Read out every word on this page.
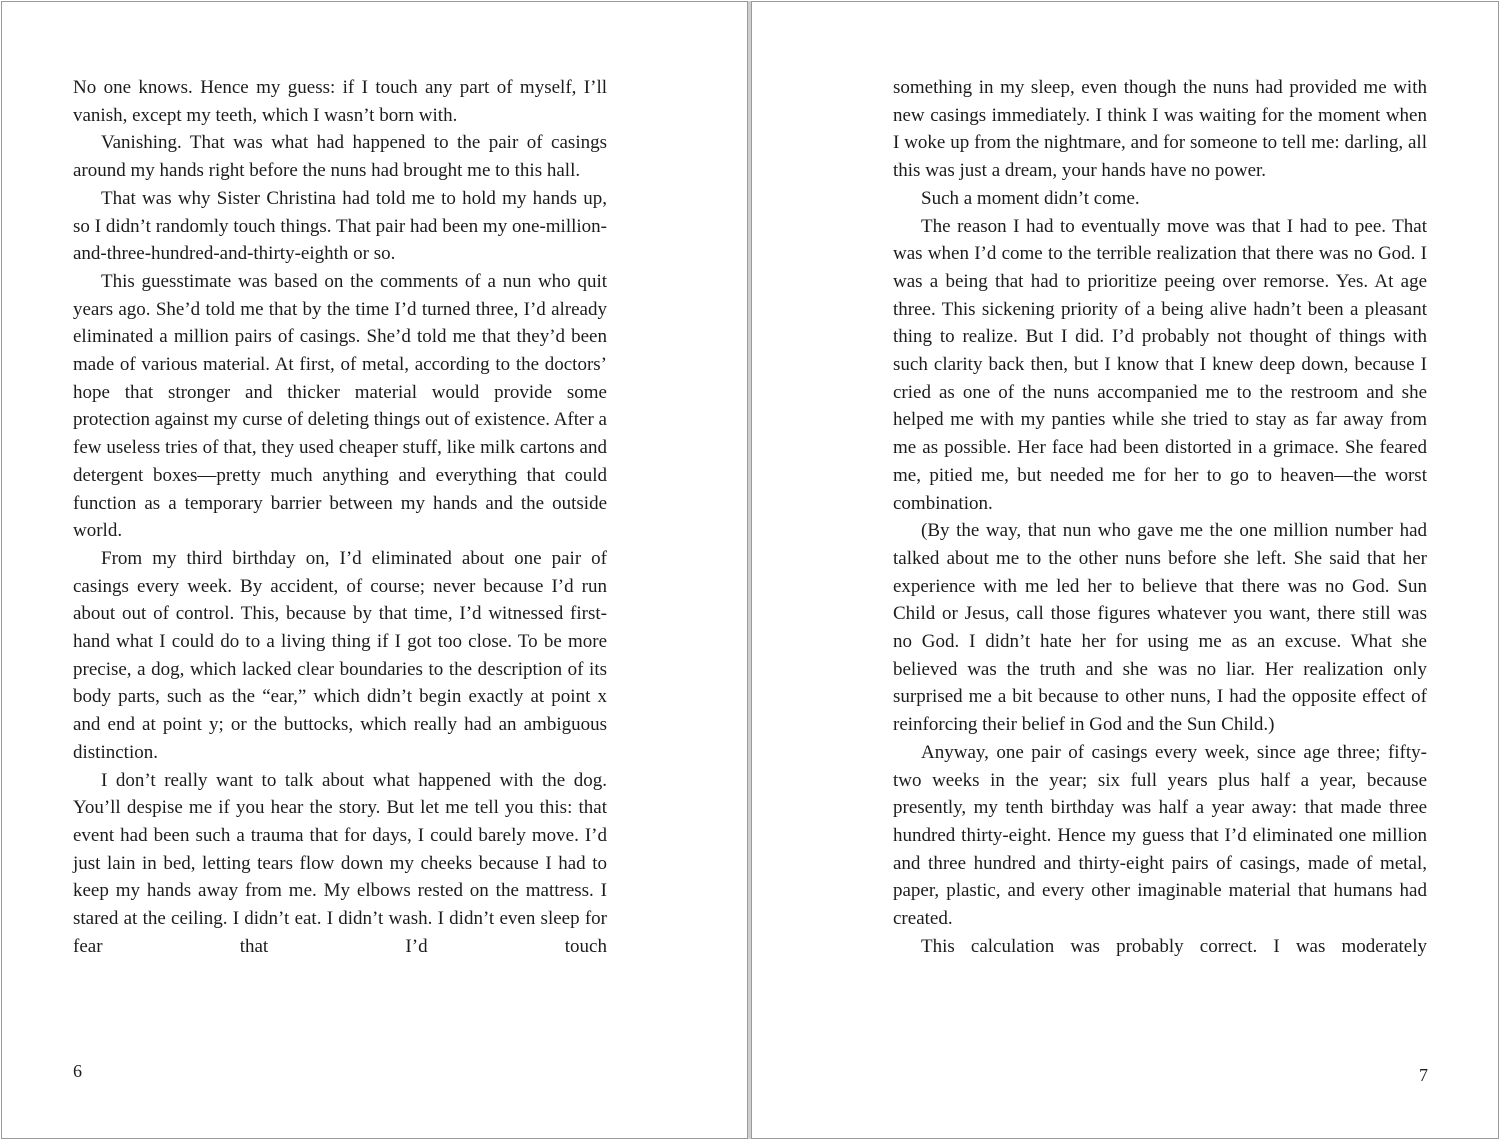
No one knows. Hence my guess: if I touch any part of myself, I’ll vanish, except my teeth, which I wasn’t born with.

Vanishing. That was what had happened to the pair of casings around my hands right before the nuns had brought me to this hall.

That was why Sister Christina had told me to hold my hands up, so I didn’t randomly touch things. That pair had been my one-million-and-three-hundred-and-thirty-eighth or so.

This guesstimate was based on the comments of a nun who quit years ago. She’d told me that by the time I’d turned three, I’d already eliminated a million pairs of casings. She’d told me that they’d been made of various material. At first, of metal, according to the doctors’ hope that stronger and thicker material would provide some protection against my curse of deleting things out of existence. After a few useless tries of that, they used cheaper stuff, like milk cartons and detergent boxes—pretty much anything and everything that could function as a temporary barrier between my hands and the outside world.

From my third birthday on, I’d eliminated about one pair of casings every week. By accident, of course; never because I’d run about out of control. This, because by that time, I’d witnessed first-hand what I could do to a living thing if I got too close. To be more precise, a dog, which lacked clear boundaries to the description of its body parts, such as the “ear,” which didn’t begin exactly at point x and end at point y; or the buttocks, which really had an ambiguous distinction.

I don’t really want to talk about what happened with the dog. You’ll despise me if you hear the story. But let me tell you this: that event had been such a trauma that for days, I could barely move. I’d just lain in bed, letting tears flow down my cheeks because I had to keep my hands away from me. My elbows rested on the mattress. I stared at the ceiling. I didn’t eat. I didn’t wash. I didn’t even sleep for fear that I’d touch

6

something in my sleep, even though the nuns had provided me with new casings immediately. I think I was waiting for the moment when I woke up from the nightmare, and for someone to tell me: darling, all this was just a dream, your hands have no power.

Such a moment didn’t come.

The reason I had to eventually move was that I had to pee. That was when I’d come to the terrible realization that there was no God. I was a being that had to prioritize peeing over remorse. Yes. At age three. This sickening priority of a being alive hadn’t been a pleasant thing to realize. But I did. I’d probably not thought of things with such clarity back then, but I know that I knew deep down, because I cried as one of the nuns accompanied me to the restroom and she helped me with my panties while she tried to stay as far away from me as possible. Her face had been distorted in a grimace. She feared me, pitied me, but needed me for her to go to heaven—the worst combination.

(By the way, that nun who gave me the one million number had talked about me to the other nuns before she left. She said that her experience with me led her to believe that there was no God. Sun Child or Jesus, call those figures whatever you want, there still was no God. I didn’t hate her for using me as an excuse. What she believed was the truth and she was no liar. Her realization only surprised me a bit because to other nuns, I had the opposite effect of reinforcing their belief in God and the Sun Child.)

Anyway, one pair of casings every week, since age three; fifty-two weeks in the year; six full years plus half a year, because presently, my tenth birthday was half a year away: that made three hundred thirty-eight. Hence my guess that I’d eliminated one million and three hundred and thirty-eight pairs of casings, made of metal, paper, plastic, and every other imaginable material that humans had created.

This calculation was probably correct. I was moderately

7
